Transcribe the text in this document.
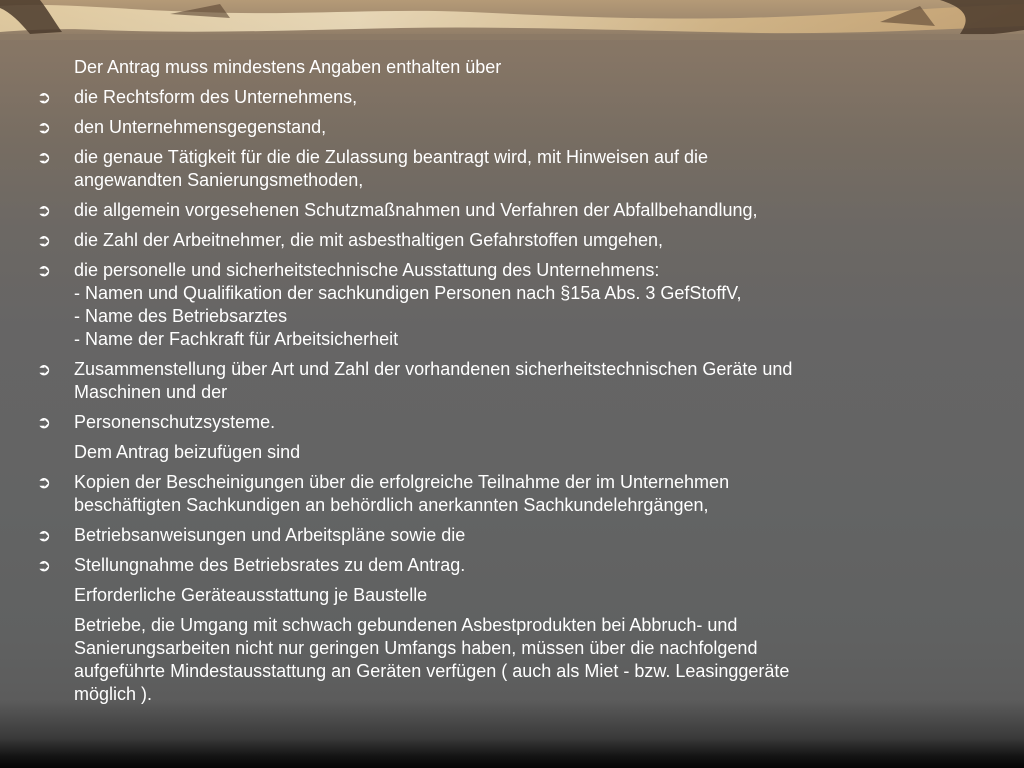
Der Antrag muss mindestens Angaben enthalten über
➲ die Rechtsform des Unternehmens,
➲ den Unternehmensgegenstand,
➲ die genaue Tätigkeit für die die Zulassung beantragt wird, mit Hinweisen auf die
angewandten Sanierungsmethoden,
➲ die allgemein vorgesehenen Schutzmaßnahmen und Verfahren der Abfallbehandlung,
➲ die Zahl der Arbeitnehmer, die mit asbesthaltigen Gefahrstoffen umgehen,
➲ die personelle und sicherheitstechnische Ausstattung des Unternehmens:
- Namen und Qualifikation der sachkundigen Personen nach §15a Abs. 3 GefStoffV,
- Name des Betriebsarztes
- Name der Fachkraft für Arbeitsicherheit
➲ Zusammenstellung über Art und Zahl der vorhandenen sicherheitstechnischen Geräte und
Maschinen und der
➲ Personenschutzsysteme.
Dem Antrag beizufügen sind
➲ Kopien der Bescheinigungen über die erfolgreiche Teilnahme der im Unternehmen
beschäftigten Sachkundigen an behördlich anerkannten Sachkundelehrgängen,
➲ Betriebsanweisungen und Arbeitspläne sowie die
➲ Stellungnahme des Betriebsrates zu dem Antrag.
Erforderliche Geräteausstattung je Baustelle
Betriebe, die Umgang mit schwach gebundenen Asbestprodukten bei Abbruch- und
Sanierungsarbeiten nicht nur geringen Umfangs haben, müssen über die nachfolgend
aufgeführte Mindestausstattung an Geräten verfügen ( auch als Miet - bzw. Leasinggeräte
möglich ).
